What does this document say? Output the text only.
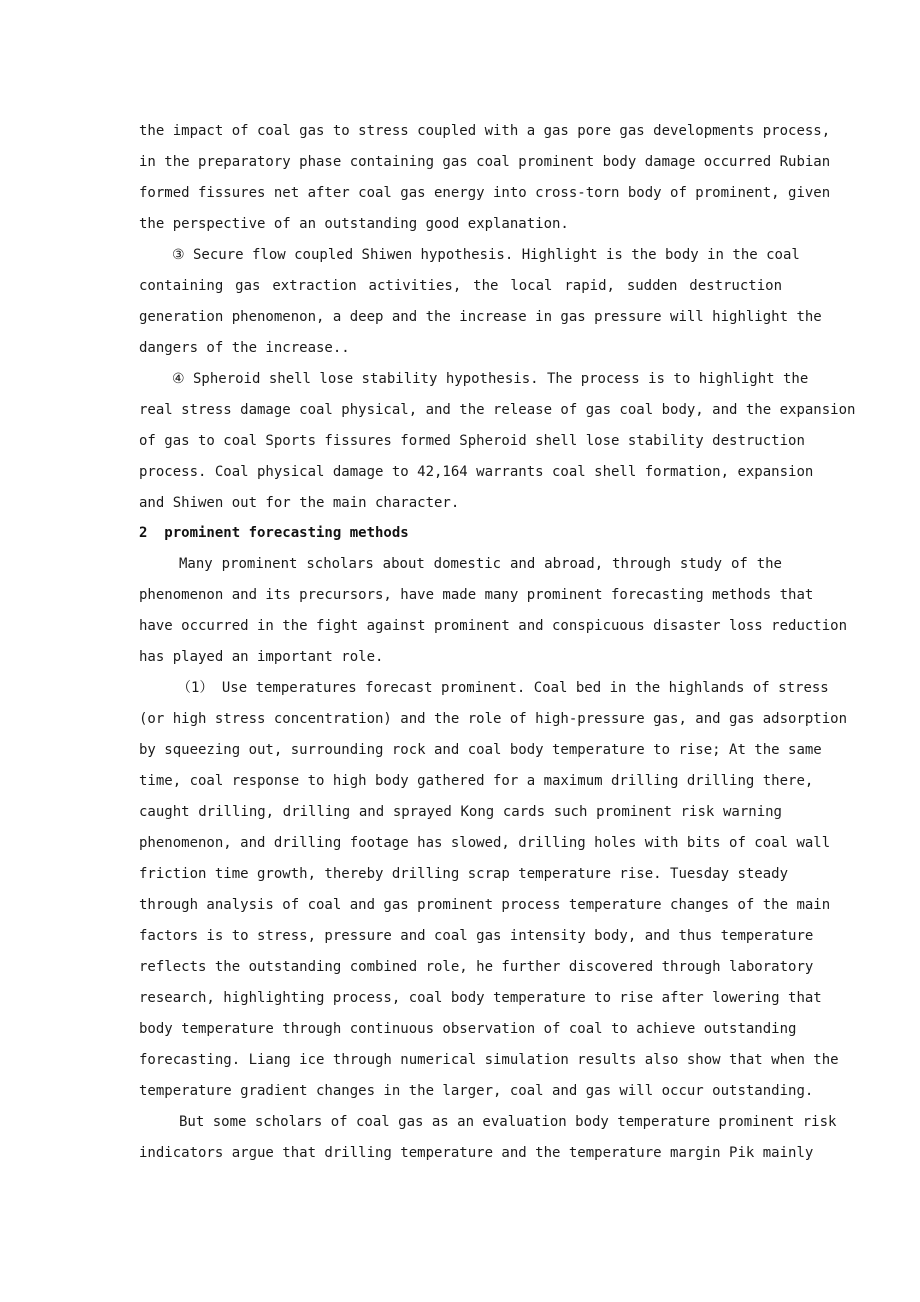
the impact of coal gas to stress coupled with a gas pore gas developments process,
in the preparatory phase containing gas coal prominent body damage occurred Rubian
formed fissures net after coal gas energy into cross-torn body of prominent, given
the perspective of an outstanding good explanation.
③ Secure flow coupled Shiwen hypothesis. Highlight is the body in the coal
containing gas extraction activities, the local rapid, sudden destruction
generation phenomenon, a deep and the increase in gas pressure will highlight the
dangers of the increase..
④ Spheroid shell lose stability hypothesis. The process is to highlight the
real stress damage coal physical, and the release of gas coal body, and the expansion
of gas to coal Sports fissures formed Spheroid shell lose stability destruction
process. Coal physical damage to 42,164 warrants coal shell formation, expansion
and Shiwen out for the main character.
2  prominent forecasting methods
Many prominent scholars about domestic and abroad, through study of the
phenomenon and its precursors, have made many prominent forecasting methods that
have occurred in the fight against prominent and conspicuous disaster loss reduction
has played an important role.
（1） Use temperatures forecast prominent. Coal bed in the highlands of stress
(or high stress concentration) and the role of high-pressure gas, and gas adsorption
by squeezing out, surrounding rock and coal body temperature to rise; At the same
time, coal response to high body gathered for a maximum drilling drilling there,
caught drilling, drilling and sprayed Kong cards such prominent risk warning
phenomenon, and drilling footage has slowed, drilling holes with bits of coal wall
friction time growth, thereby drilling scrap temperature rise. Tuesday steady
through analysis of coal and gas prominent process temperature changes of the main
factors is to stress, pressure and coal gas intensity body, and thus temperature
reflects the outstanding combined role, he further discovered through laboratory
research, highlighting process, coal body temperature to rise after lowering that
body temperature through continuous observation of coal to achieve outstanding
forecasting. Liang ice through numerical simulation results also show that when the
temperature gradient changes in the larger, coal and gas will occur outstanding.
But some scholars of coal gas as an evaluation body temperature prominent risk
indicators argue that drilling temperature and the temperature margin Pik mainly
